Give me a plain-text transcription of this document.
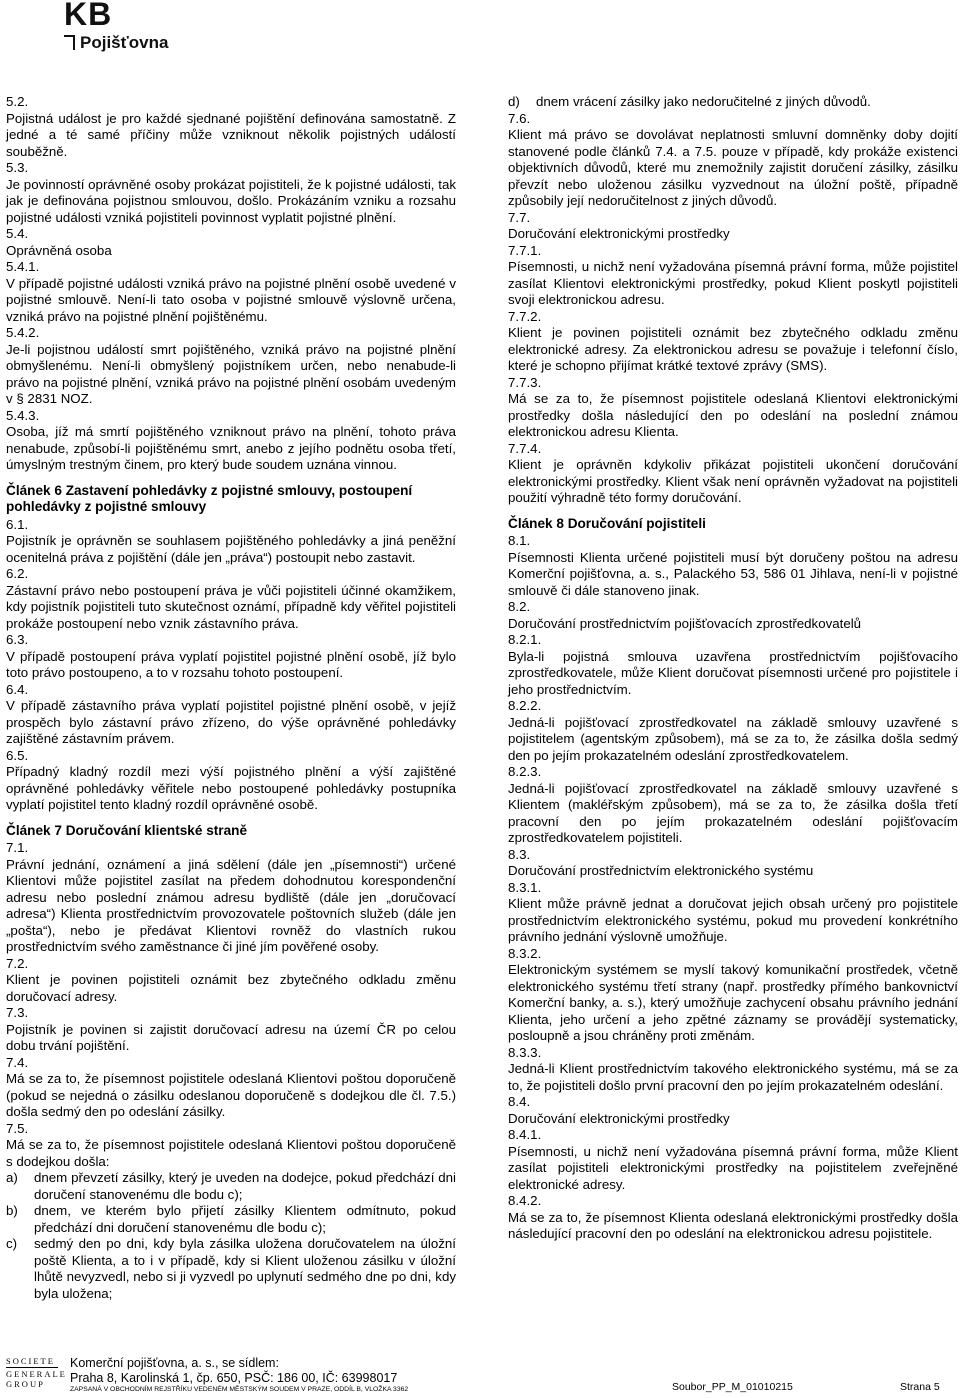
KB
Pojišťovna

5.2.

Pojistná událost je pro každé sjednané pojištění definována samostatně. Z jedné a té samé příčiny může vzniknout několik pojistných událostí souběžně.

5.3.

Je povinností oprávněné osoby prokázat pojistiteli, že k pojistné události, tak jak je definována pojistnou smlouvou, došlo. Prokázáním vzniku a rozsahu pojistné události vzniká pojistiteli povinnost vyplatit pojistné plnění.

5.4.

Oprávněná osoba

5.4.1.

V případě pojistné události vzniká právo na pojistné plnění osobě uvedené v pojistné smlouvě. Není-li tato osoba v pojistné smlouvě výslovně určena, vzniká právo na pojistné plnění pojištěnému.

5.4.2.

Je-li pojistnou událostí smrt pojištěného, vzniká právo na pojistné plnění obmyšlenému. Není-li obmyšlený pojistníkem určen, nebo nenabude-li právo na pojistné plnění, vzniká právo na pojistné plnění osobám uvedeným v § 2831 NOZ.

5.4.3.

Osoba, jíž má smrtí pojištěného vzniknout právo na plnění, tohoto práva nenabude, způsobí-li pojištěnému smrt, anebo z jejího podnětu osoba třetí, úmyslným trestným činem, pro který bude soudem uznána vinnou.

Článek 6 Zastavení pohledávky z pojistné smlouvy, postoupení pohledávky z pojistné smlouvy

6.1.

Pojistník je oprávněn se souhlasem pojištěného pohledávky a jiná peněžní ocenitelná práva z pojištění (dále jen „práva“) postoupit nebo zastavit.

6.2.

Zástavní právo nebo postoupení práva je vůči pojistiteli účinné okamžikem, kdy pojistník pojistiteli tuto skutečnost oznámí, případně kdy věřitel pojistiteli prokáže postoupení nebo vznik zástavního práva.

6.3.

V případě postoupení práva vyplatí pojistitel pojistné plnění osobě, jíž bylo toto právo postoupeno, a to v rozsahu tohoto postoupení.

6.4.

V případě zástavního práva vyplatí pojistitel pojistné plnění osobě, v jejíž prospěch bylo zástavní právo zřízeno, do výše oprávněné pohledávky zajištěné zástavním právem.

6.5.

Případný kladný rozdíl mezi výší pojistného plnění a výší zajištěné oprávněné pohledávky věřitele nebo postoupené pohledávky postupníka vyplatí pojistitel tento kladný rozdíl oprávněné osobě.

Článek 7 Doručování klientské straně

7.1.

Právní jednání, oznámení a jiná sdělení (dále jen „písemnosti“) určené Klientovi může pojistitel zasílat na předem dohodnutou korespondenční adresu nebo poslední známou adresu bydliště (dále jen „doručovací adresa“) Klienta prostřednictvím provozovatele poštovních služeb (dále jen „pošta“), nebo je předávat Klientovi rovněž do vlastních rukou prostřednictvím svého zaměstnance či jiné jím pověřené osoby.

7.2.

Klient je povinen pojistiteli oznámit bez zbytečného odkladu změnu doručovací adresy.

7.3.

Pojistník je povinen si zajistit doručovací adresu na území ČR po celou dobu trvání pojištění.

7.4.

Má se za to, že písemnost pojistitele odeslaná Klientovi poštou doporučeně (pokud se nejedná o zásilku odeslanou doporučeně s dodejkou dle čl. 7.5.) došla sedmý den po odeslání zásilky.

7.5.

Má se za to, že písemnost pojistitele odeslaná Klientovi poštou doporučeně s dodejkou došla:

a)	dnem převzetí zásilky, který je uveden na dodejce, pokud předchází dni doručení stanovenému dle bodu c);
b)	dnem, ve kterém bylo přijetí zásilky Klientem odmítnuto, pokud předchází dni doručení stanovenému dle bodu c);
c)	sedmý den po dni, kdy byla zásilka uložena doručovatelem na úložní poště Klienta, a to i v případě, kdy si Klient uloženou zásilku v úložní lhůtě nevyzvedl, nebo si ji vyzvedl po uplynutí sedmého dne po dni, kdy byla uložena;
d)	dnem vrácení zásilky jako nedoručitelné z jiných důvodů.

7.6.

Klient má právo se dovolávat neplatnosti smluvní domněnky doby dojití stanovené podle článků 7.4. a 7.5. pouze v případě, kdy prokáže existenci objektivních důvodů, které mu znemožnily zajistit doručení zásilky, zásilku převzít nebo uloženou zásilku vyzvednout na úložní poště, případně způsobily její nedoručitelnost z jiných důvodů.

7.7.

Doručování elektronickými prostředky

7.7.1.

Písemnosti, u nichž není vyžadována písemná právní forma, může pojistitel zasílat Klientovi elektronickými prostředky, pokud Klient poskytl pojistiteli svoji elektronickou adresu.

7.7.2.

Klient je povinen pojistiteli oznámit bez zbytečného odkladu změnu elektronické adresy. Za elektronickou adresu se považuje i telefonní číslo, které je schopno přijímat krátké textové zprávy (SMS).

7.7.3.

Má se za to, že písemnost pojistitele odeslaná Klientovi elektronickými prostředky došla následující den po odeslání na poslední známou elektronickou adresu Klienta.

7.7.4.

Klient je oprávněn kdykoliv přikázat pojistiteli ukončení doručování elektronickými prostředky. Klient však není oprávněn vyžadovat na pojistiteli použití výhradně této formy doručování.

Článek 8 Doručování pojistiteli

8.1.

Písemnosti Klienta určené pojistiteli musí být doručeny poštou na adresu Komerční pojišťovna, a. s., Palackého 53, 586 01 Jihlava, není-li v pojistné smlouvě či dále stanoveno jinak.

8.2.

Doručování prostřednictvím pojišťovacích zprostředkovatelů

8.2.1.

Byla-li pojistná smlouva uzavřena prostřednictvím pojišťovacího zprostředkovatele, může Klient doručovat písemnosti určené pro pojistitele i jeho prostřednictvím.

8.2.2.

Jedná-li pojišťovací zprostředkovatel na základě smlouvy uzavřené s pojistitelem (agentským způsobem), má se za to, že zásilka došla sedmý den po jejím prokazatelném odeslání zprostředkovatelem.

8.2.3.

Jedná-li pojišťovací zprostředkovatel na základě smlouvy uzavřené s Klientem (makléřským způsobem), má se za to, že zásilka došla třetí pracovní den po jejím prokazatelném odeslání pojišťovacím zprostředkovatelem pojistiteli.

8.3.

Doručování prostřednictvím elektronického systému

8.3.1.

Klient může právně jednat a doručovat jejich obsah určený pro pojistitele prostřednictvím elektronického systému, pokud mu provedení konkrétního právního jednání výslovně umožňuje.

8.3.2.

Elektronickým systémem se myslí takový komunikační prostředek, včetně elektronického systému třetí strany (např. prostředky přímého bankovnictví Komerční banky, a. s.), který umožňuje zachycení obsahu právního jednání Klienta, jeho určení a jeho zpětné záznamy se provádějí systematicky, posloupně a jsou chráněny proti změnám.

8.3.3.

Jedná-li Klient prostřednictvím takového elektronického systému, má se za to, že pojistiteli došlo první pracovní den po jejím prokazatelném odeslání.

8.4.

Doručování elektronickými prostředky

8.4.1.

Písemnosti, u nichž není vyžadována písemná právní forma, může Klient zasílat pojistiteli elektronickými prostředky na pojistitelem zveřejněné elektronické adresy.

8.4.2.

Má se za to, že písemnost Klienta odeslaná elektronickými prostředky došla následující pracovní den po odeslání na elektronickou adresu pojistitele.

SOCIETE
GENERALE
GROUP
Komerční pojišťovna, a. s., se sídlem:
Praha 8, Karolinská 1, čp. 650, PSČ: 186 00, IČ: 63998017
ZAPSANÁ V OBCHODNÍM REJSTŘÍKU VEDENÉM MĚSTSKÝM SOUDEM V PRAZE, ODDÍL B, VLOŽKA 3362	Soubor_PP_M_01010215	Strana 5
